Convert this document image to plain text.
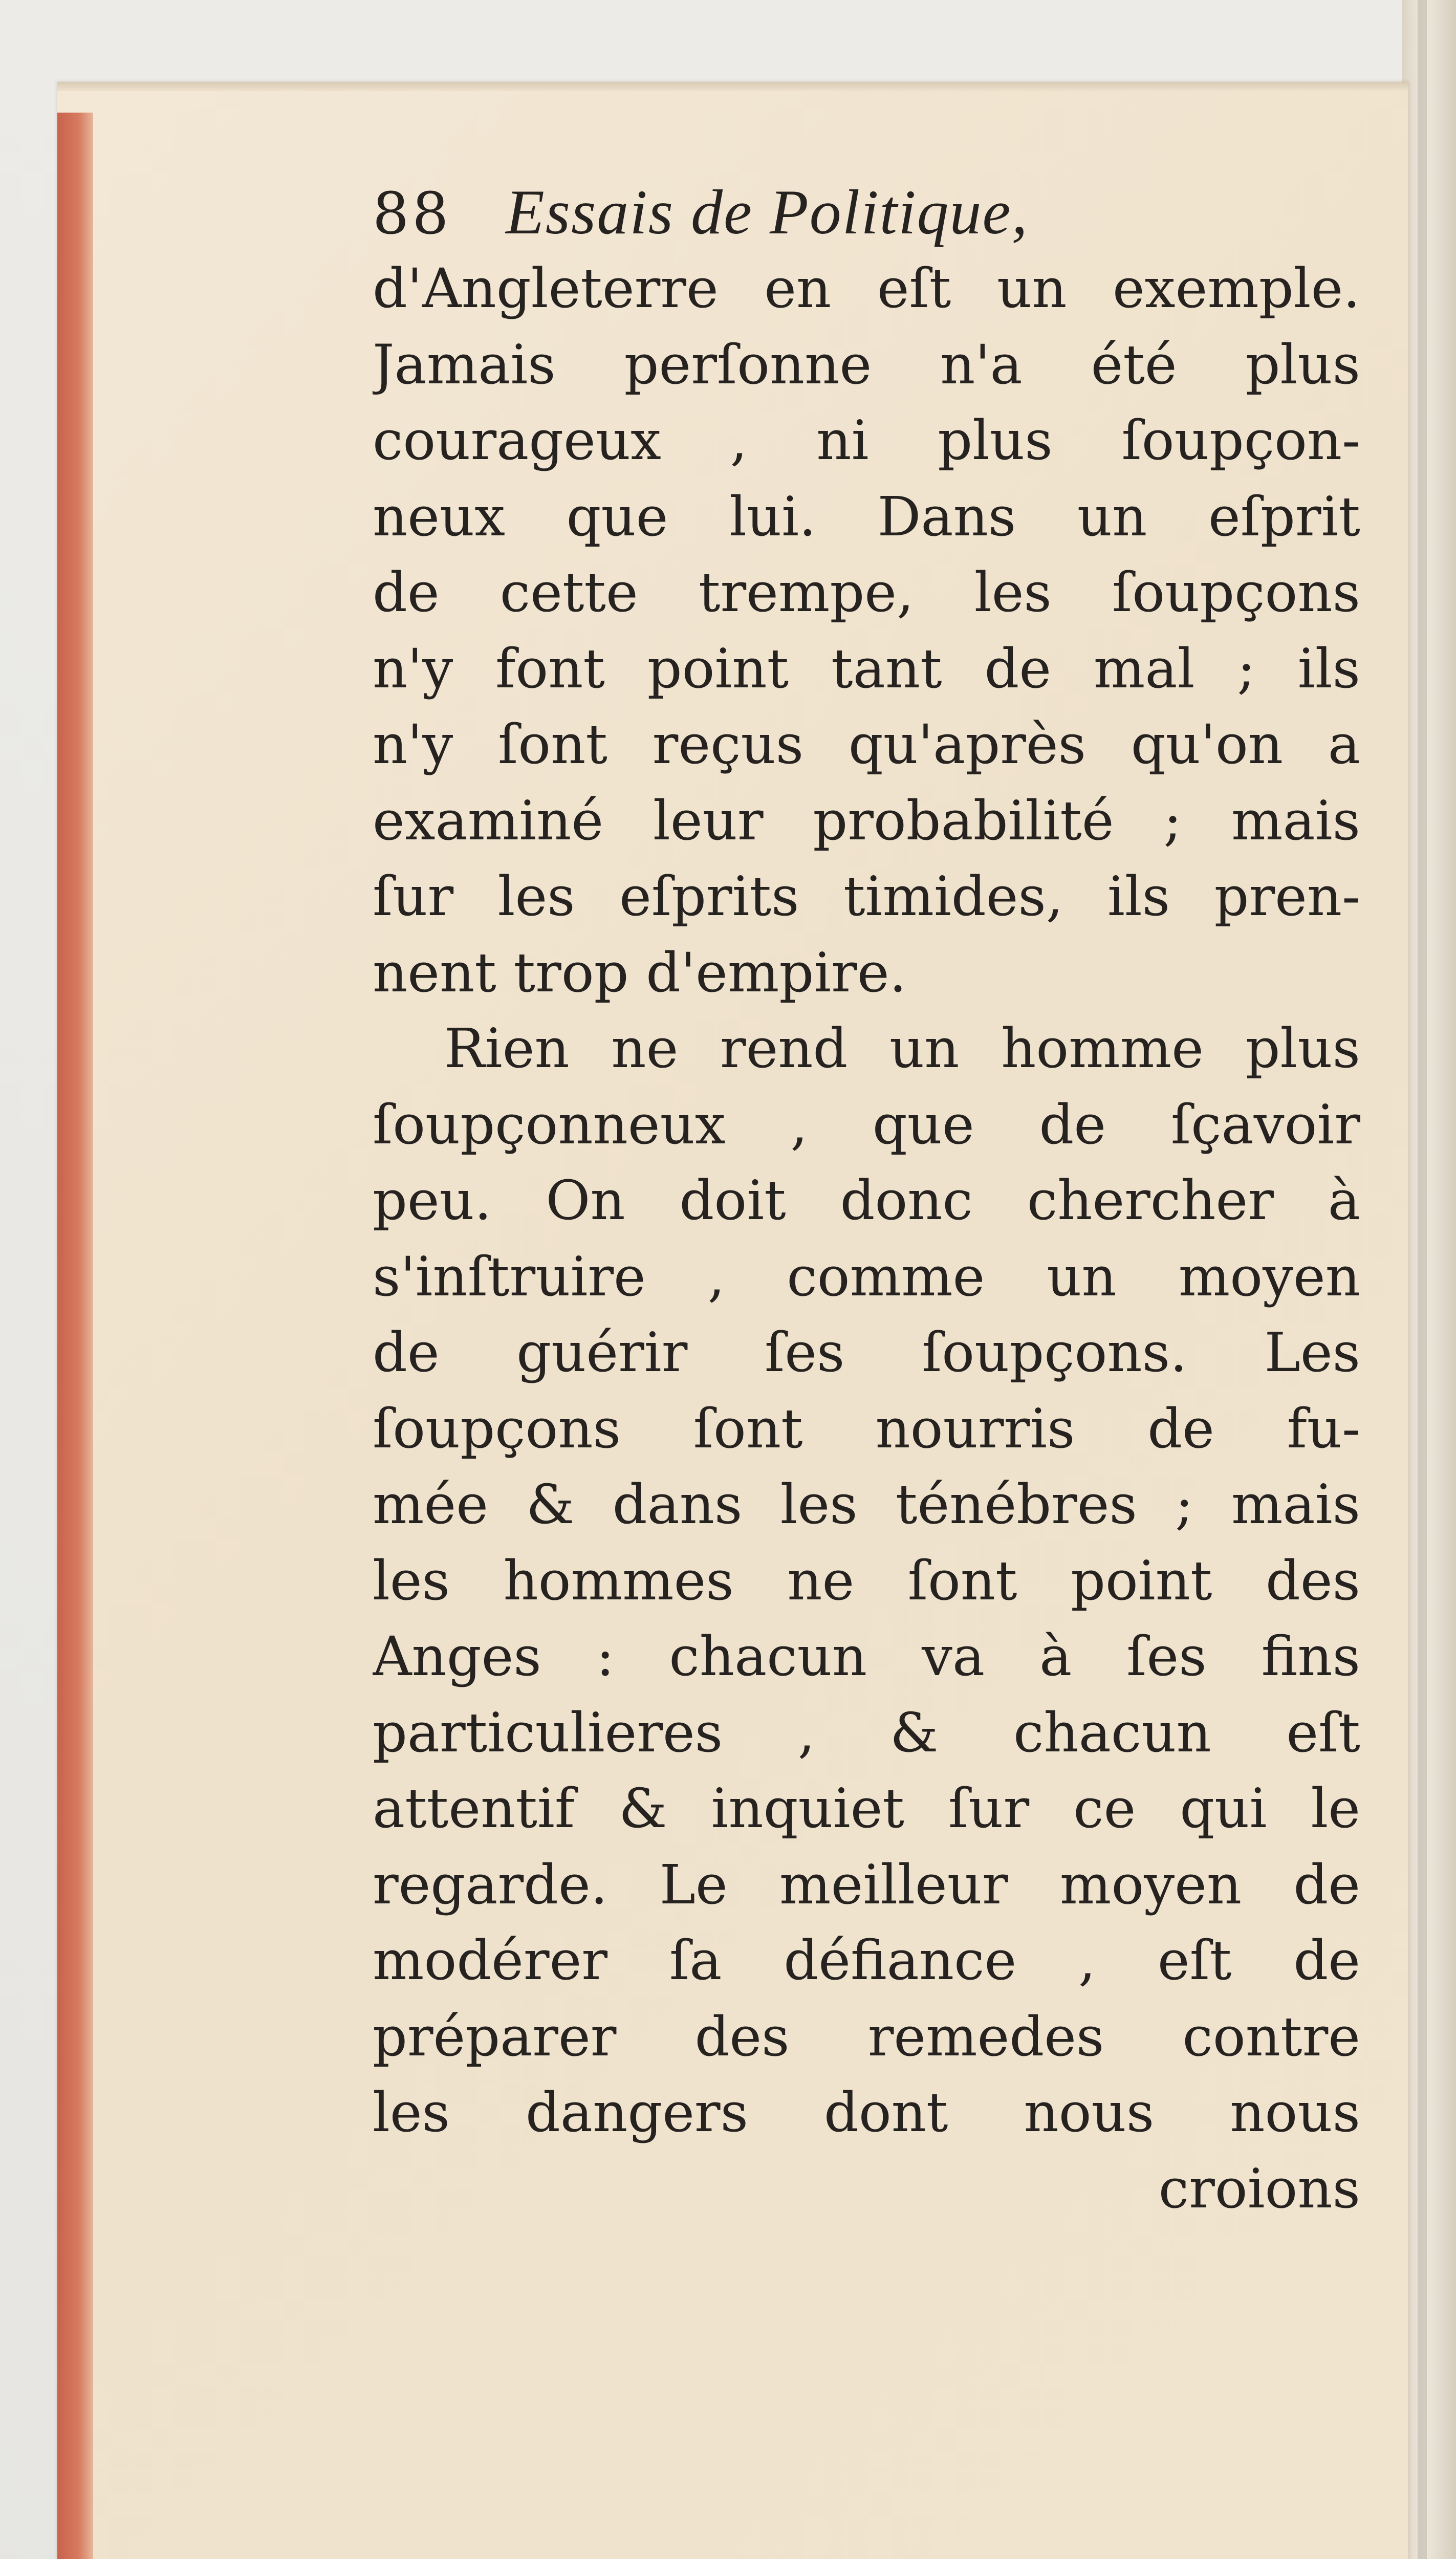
88 Essais de Politique,
d'Angleterre en eſt un exemple.
Jamais perſonne n'a été plus
courageux , ni plus ſoupçon-
neux que lui. Dans un eſprit
de cette trempe, les ſoupçons
n'y font point tant de mal ; ils
n'y ſont reçus qu'après qu'on a
examiné leur probabilité ; mais
ſur les eſprits timides, ils pren-
nent trop d'empire.
Rien ne rend un homme plus
ſoupçonneux , que de ſçavoir
peu. On doit donc chercher à
s'inſtruire , comme un moyen
de guérir ſes ſoupçons. Les
ſoupçons ſont nourris de fu-
mée & dans les ténébres ; mais
les hommes ne ſont point des
Anges : chacun va à ſes fins
particulieres , & chacun eſt
attentif & inquiet ſur ce qui le
regarde. Le meilleur moyen de
modérer ſa défiance , eſt de
préparer des remedes contre
les dangers dont nous nous
croions
